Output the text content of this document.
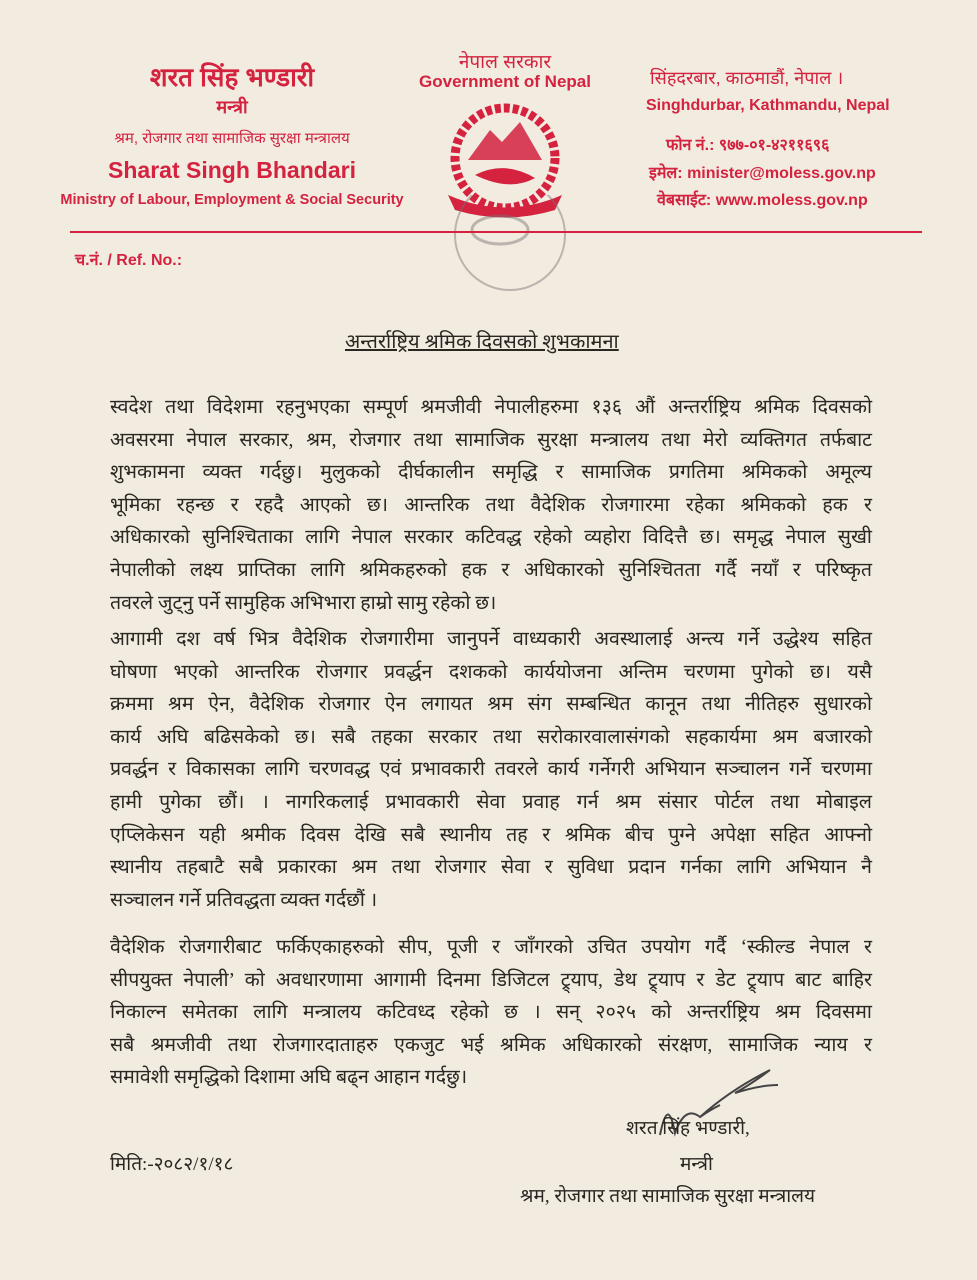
शरत सिंह भण्डारी
मन्त्री
श्रम, रोजगार तथा सामाजिक सुरक्षा मन्त्रालय
Sharat Singh Bhandari
Ministry of Labour, Employment & Social Security
नेपाल सरकार
Government of Nepal	सिंहदरबार, काठमाडौं, नेपाल ।
Singhdurbar, Kathmandu, Nepal
फोन नं.: ९७७-०१-४२११६९६
इमेल: minister@moless.gov.np
वेबसाईट: www.moless.gov.np
च.नं. / Ref. No.:
अन्तर्राष्ट्रिय श्रमिक दिवसको शुभकामना
स्वदेश तथा विदेशमा रहनुभएका सम्पूर्ण श्रमजीवी नेपालीहरुमा १३६ औं अन्तर्राष्ट्रिय श्रमिक दिवसको
अवसरमा नेपाल सरकार, श्रम, रोजगार तथा सामाजिक सुरक्षा मन्त्रालय तथा मेरो व्यक्तिगत तर्फबाट
शुभकामना व्यक्त गर्दछु। मुलुकको दीर्घकालीन समृद्धि र सामाजिक प्रगतिमा श्रमिकको अमूल्य
भूमिका रहन्छ र रहदै आएको छ। आन्तरिक तथा वैदेशिक रोजगारमा रहेका श्रमिकको हक र
अधिकारको सुनिश्चिताका लागि नेपाल सरकार कटिवद्ध रहेको व्यहोरा विदित्तै छ। समृद्ध नेपाल सुखी
नेपालीको लक्ष्य प्राप्तिका लागि श्रमिकहरुको हक र अधिकारको सुनिश्चितता गर्दै नयाँ र परिष्कृत
तवरले जुट्नु पर्ने सामुहिक अभिभारा हाम्रो सामु रहेको छ।
आगामी दश वर्ष भित्र वैदेशिक रोजगारीमा जानुपर्ने वाध्यकारी अवस्थालाई अन्त्य गर्ने उद्धेश्य सहित
घोषणा भएको आन्तरिक रोजगार प्रवर्द्धन दशकको कार्ययोजना अन्तिम चरणमा पुगेको छ। यसै
क्रममा श्रम ऐन, वैदेशिक रोजगार ऐन लगायत श्रम संग सम्बन्धित कानून तथा नीतिहरु सुधारको
कार्य अघि बढिसकेको छ। सबै तहका सरकार तथा सरोकारवालासंगको सहकार्यमा श्रम बजारको
प्रवर्द्धन र विकासका लागि चरणवद्ध एवं प्रभावकारी तवरले कार्य गर्नेगरी अभियान सञ्चालन गर्ने चरणमा
हामी पुगेका छौं। । नागरिकलाई प्रभावकारी सेवा प्रवाह गर्न श्रम संसार पोर्टल तथा मोबाइल
एप्लिकेसन यही श्रमीक दिवस देखि सबै स्थानीय तह र श्रमिक बीच पुग्ने अपेक्षा सहित आफ्नो
स्थानीय तहबाटै सबै प्रकारका श्रम तथा रोजगार सेवा र सुविधा प्रदान गर्नका लागि अभियान नै
सञ्चालन गर्ने प्रतिवद्धता व्यक्त गर्दछौं ।
वैदेशिक रोजगारीबाट फर्किएकाहरुको सीप, पूजी र जाँगरको उचित उपयोग गर्दै ‘स्कील्ड नेपाल र
सीपयुक्त नेपाली’ को अवधारणामा आगामी दिनमा डिजिटल ट्र्याप, डेथ ट्र्याप र डेट ट्र्याप बाट बाहिर
निकाल्न समेतका लागि मन्त्रालय कटिवध्द रहेको छ । सन् २०२५ को अन्तर्राष्ट्रिय श्रम दिवसमा
सबै श्रमजीवी तथा रोजगारदाताहरु एकजुट भई श्रमिक अधिकारको संरक्षण, सामाजिक न्याय र
समावेशी समृद्धिको दिशामा अघि बढ्न आहान गर्दछु।
शरत सिंह भण्डारी,
मिति:-२०८२/१/१८	मन्त्री
श्रम, रोजगार तथा सामाजिक सुरक्षा मन्त्रालय
